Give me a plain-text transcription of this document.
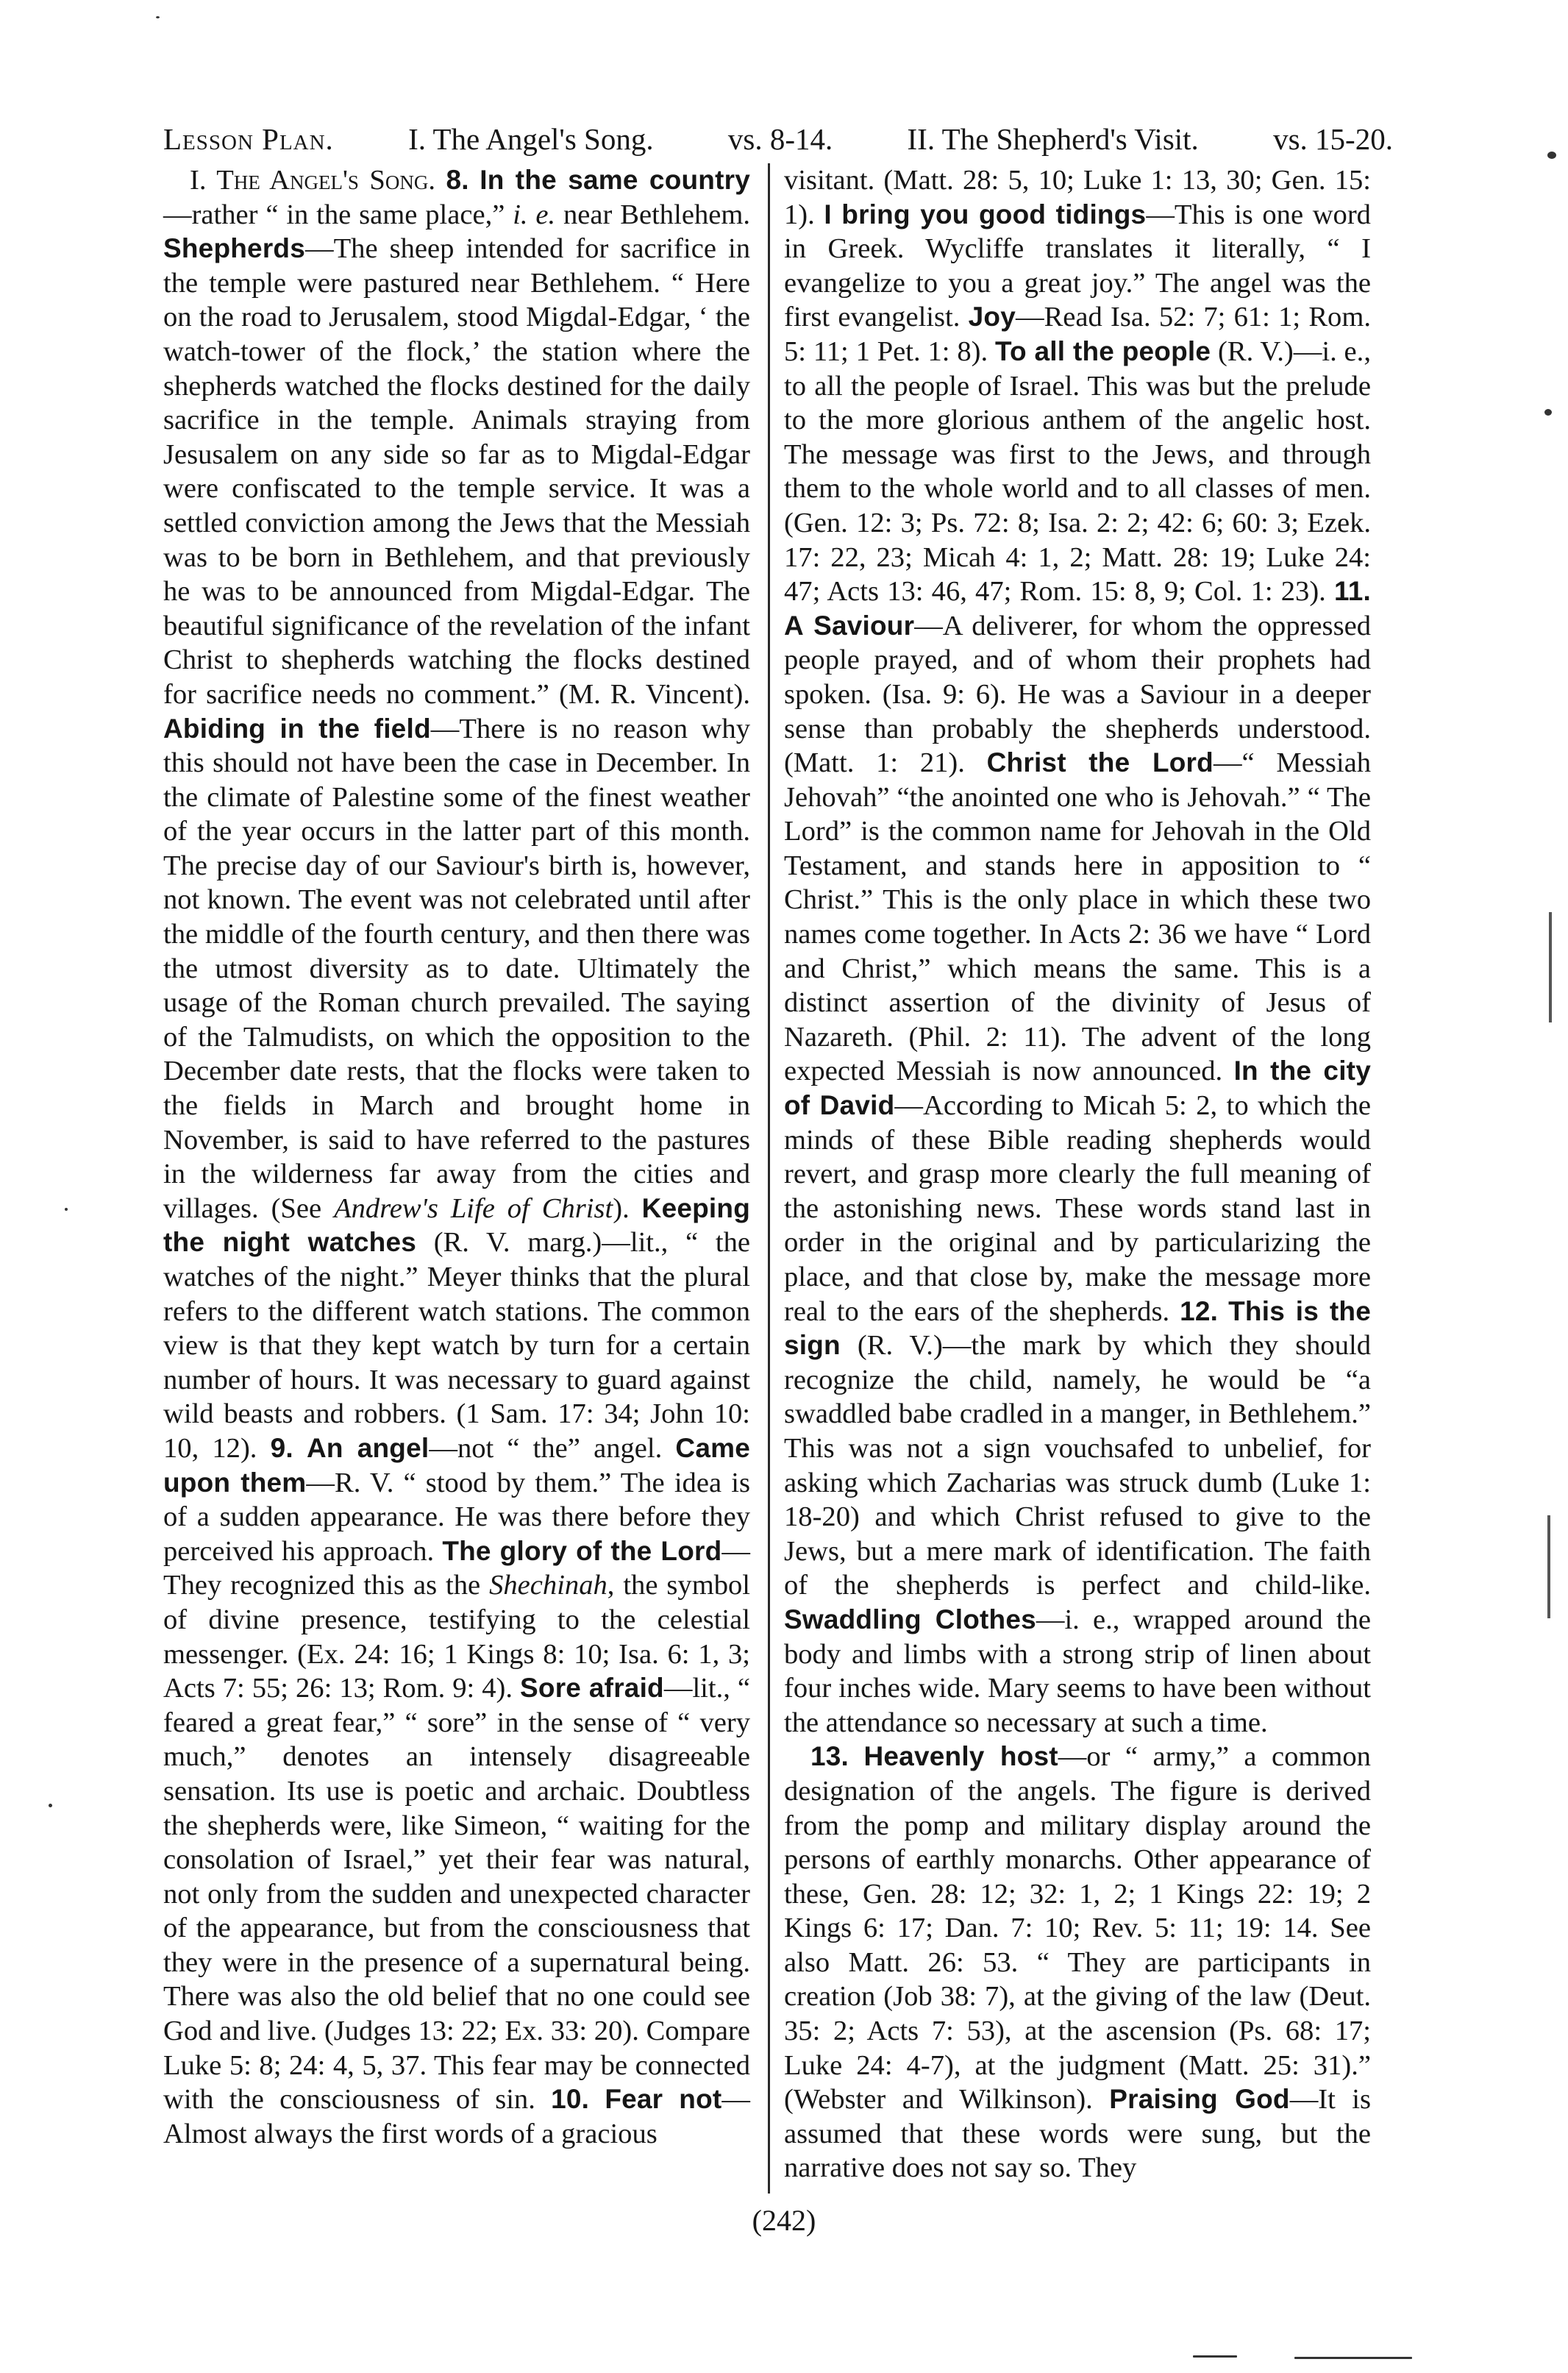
Lesson Plan. I. The Angel's Song. vs. 8-14. II. The Shepherd's Visit. vs. 15-20.

I. The Angel's Song. 8. In the same country—rather “ in the same place,” i. e. near Bethlehem. Shepherds—The sheep intended for sacrifice in the temple were pastured near Bethlehem. “ Here on the road to Jerusalem, stood Migdal-Edgar, ‘ the watch-tower of the flock,’ the station where the shepherds watched the flocks destined for the daily sacrifice in the temple. Animals straying from Jesusalem on any side so far as to Migdal-Edgar were confiscated to the temple service. It was a settled conviction among the Jews that the Messiah was to be born in Bethlehem, and that previously he was to be announced from Migdal-Edgar. The beautiful significance of the revelation of the infant Christ to shepherds watching the flocks destined for sacrifice needs no comment.” (M. R. Vincent). Abiding in the field—There is no reason why this should not have been the case in December. In the climate of Palestine some of the finest weather of the year occurs in the latter part of this month. The precise day of our Saviour's birth is, however, not known. The event was not celebrated until after the middle of the fourth century, and then there was the utmost diversity as to date. Ultimately the usage of the Roman church prevailed. The saying of the Talmudists, on which the opposition to the December date rests, that the flocks were taken to the fields in March and brought home in November, is said to have referred to the pastures in the wilderness far away from the cities and villages. (See Andrew's Life of Christ). Keeping the night watches (R. V. marg.)—lit., “ the watches of the night.” Meyer thinks that the plural refers to the different watch stations. The common view is that they kept watch by turn for a certain number of hours. It was necessary to guard against wild beasts and robbers. (1 Sam. 17: 34; John 10: 10, 12). 9. An angel—not “ the” angel. Came upon them—R. V. “ stood by them.” The idea is of a sudden appearance. He was there before they perceived his approach. The glory of the Lord—They recognized this as the Shechinah, the symbol of divine presence, testifying to the celestial messenger. (Ex. 24: 16; 1 Kings 8: 10; Isa. 6: 1, 3; Acts 7: 55; 26: 13; Rom. 9: 4). Sore afraid—lit., “ feared a great fear,” “ sore” in the sense of “ very much,” denotes an intensely disagreeable sensation. Its use is poetic and archaic. Doubtless the shepherds were, like Simeon, “ waiting for the consolation of Israel,” yet their fear was natural, not only from the sudden and unexpected character of the appearance, but from the consciousness that they were in the presence of a supernatural being. There was also the old belief that no one could see God and live. (Judges 13: 22; Ex. 33: 20). Compare Luke 5: 8; 24: 4, 5, 37. This fear may be connected with the consciousness of sin. 10. Fear not—Almost always the first words of a gracious

visitant. (Matt. 28: 5, 10; Luke 1: 13, 30; Gen. 15: 1). I bring you good tidings—This is one word in Greek. Wycliffe translates it literally, “ I evangelize to you a great joy.” The angel was the first evangelist. Joy—Read Isa. 52: 7; 61: 1; Rom. 5: 11; 1 Pet. 1: 8). To all the people (R. V.)—i. e., to all the people of Israel. This was but the prelude to the more glorious anthem of the angelic host. The message was first to the Jews, and through them to the whole world and to all classes of men. (Gen. 12: 3; Ps. 72: 8; Isa. 2: 2; 42: 6; 60: 3; Ezek. 17: 22, 23; Micah 4: 1, 2; Matt. 28: 19; Luke 24: 47; Acts 13: 46, 47; Rom. 15: 8, 9; Col. 1: 23). 11. A Saviour—A deliverer, for whom the oppressed people prayed, and of whom their prophets had spoken. (Isa. 9: 6). He was a Saviour in a deeper sense than probably the shepherds understood. (Matt. 1: 21). Christ the Lord—“ Messiah Jehovah” “the anointed one who is Jehovah.” “ The Lord” is the common name for Jehovah in the Old Testament, and stands here in apposition to “ Christ.” This is the only place in which these two names come together. In Acts 2: 36 we have “ Lord and Christ,” which means the same. This is a distinct assertion of the divinity of Jesus of Nazareth. (Phil. 2: 11). The advent of the long expected Messiah is now announced. In the city of David—According to Micah 5: 2, to which the minds of these Bible reading shepherds would revert, and grasp more clearly the full meaning of the astonishing news. These words stand last in order in the original and by particularizing the place, and that close by, make the message more real to the ears of the shepherds. 12. This is the sign (R. V.)—the mark by which they should recognize the child, namely, he would be “a swaddled babe cradled in a manger, in Bethlehem.” This was not a sign vouchsafed to unbelief, for asking which Zacharias was struck dumb (Luke 1: 18-20) and which Christ refused to give to the Jews, but a mere mark of identification. The faith of the shepherds is perfect and child-like. Swaddling Clothes—i. e., wrapped around the body and limbs with a strong strip of linen about four inches wide. Mary seems to have been without the attendance so necessary at such a time.

13. Heavenly host—or “ army,” a common designation of the angels. The figure is derived from the pomp and military display around the persons of earthly monarchs. Other appearance of these, Gen. 28: 12; 32: 1, 2; 1 Kings 22: 19; 2 Kings 6: 17; Dan. 7: 10; Rev. 5: 11; 19: 14. See also Matt. 26: 53. “ They are participants in creation (Job 38: 7), at the giving of the law (Deut. 35: 2; Acts 7: 53), at the ascension (Ps. 68: 17; Luke 24: 4-7), at the judgment (Matt. 25: 31).” (Webster and Wilkinson). Praising God—It is assumed that these words were sung, but the narrative does not say so. They

(242)
